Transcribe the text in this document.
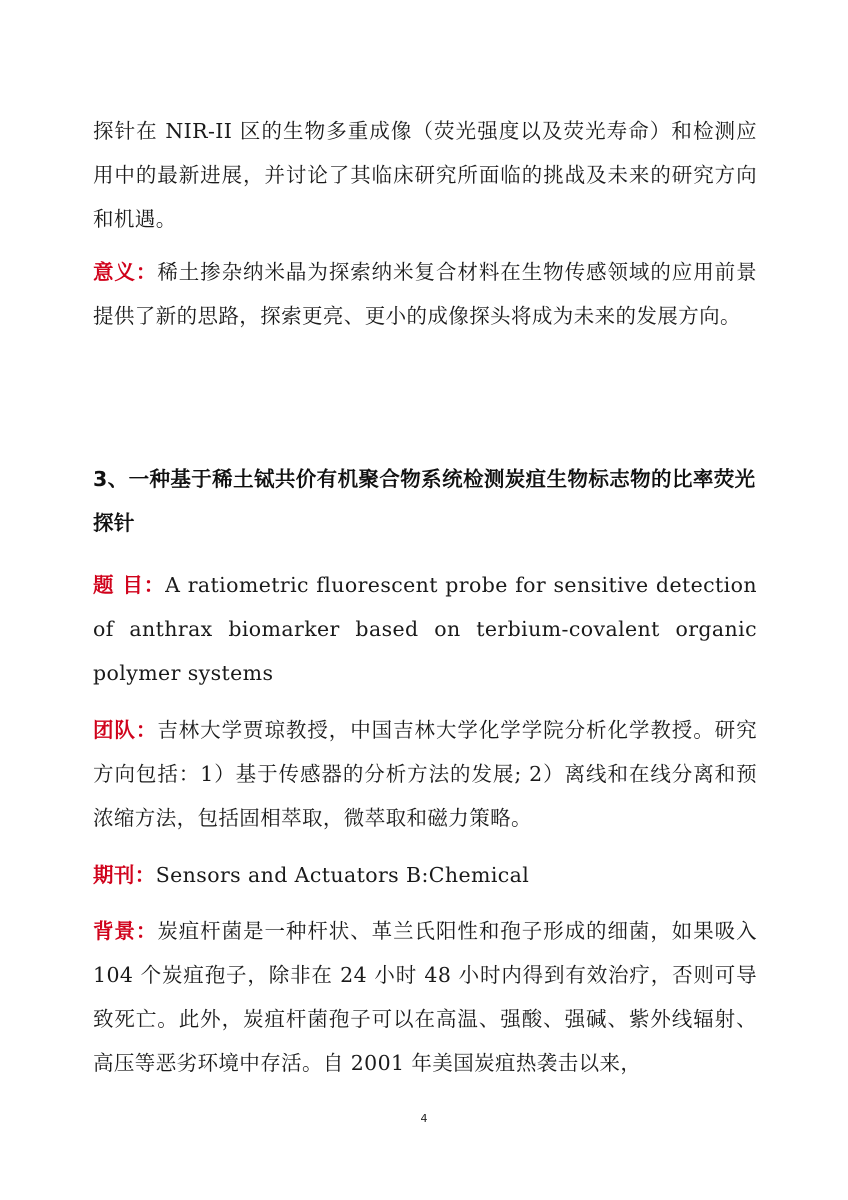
探针在 NIR-II 区的生物多重成像（荧光强度以及荧光寿命）和检测应用中的最新进展，并讨论了其临床研究所面临的挑战及未来的研究方向和机遇。

意义：稀土掺杂纳米晶为探索纳米复合材料在生物传感领域的应用前景提供了新的思路，探索更亮、更小的成像探头将成为未来的发展方向。

3、一种基于稀土铽共价有机聚合物系统检测炭疽生物标志物的比率荧光探针

题 目：A ratiometric fluorescent probe for sensitive detection of anthrax biomarker based on terbium-covalent organic polymer systems

团队：吉林大学贾琼教授，中国吉林大学化学学院分析化学教授。研究方向包括：1）基于传感器的分析方法的发展; 2）离线和在线分离和预浓缩方法，包括固相萃取，微萃取和磁力策略。

期刊：Sensors and Actuators B:Chemical

背景：炭疽杆菌是一种杆状、革兰氏阳性和孢子形成的细菌，如果吸入 104 个炭疽孢子，除非在 24 小时 48 小时内得到有效治疗，否则可导致死亡。此外，炭疽杆菌孢子可以在高温、强酸、强碱、紫外线辐射、高压等恶劣环境中存活。自 2001 年美国炭疽热袭击以来，

4
